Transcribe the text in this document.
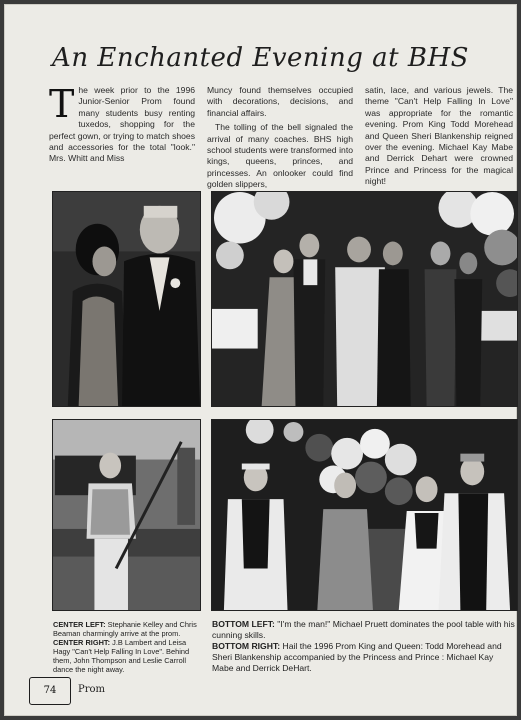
An Enchanted Evening at BHS

The week prior to the 1996 Junior-Senior Prom found many students busy renting tuxedos, shopping for the perfect gown, or trying to match shoes and accessories for the total "look." Mrs. Whitt and Miss

Muncy found themselves occupied with decorations, decisions, and financial affairs.

The tolling of the bell signaled the arrival of many coaches. BHS high school students were transformed into kings, queens, princes, and princesses. An onlooker could find golden slippers,

satin, lace, and various jewels. The theme "Can't Help Falling In Love" was appropriate for the romantic evening. Prom King Todd Morehead and Queen Sheri Blankenship reigned over the evening. Michael Kay Mabe and Derrick Dehart were crowned Prince and Princess for the magical night!

CENTER LEFT: Stephanie Kelley and Chris Beaman charmingly arrive at the prom.
CENTER RIGHT: J.B Lambert and Leisa Hagy "Can't Help Falling In Love". Behind them, John Thompson and Leslie Carroll dance the night away.
BOTTOM LEFT: "I'm the man!" Michael Pruett dominates the pool table with his cunning skills.
BOTTOM RIGHT: Hail the 1996 Prom King and Queen: Todd Morehead and Sheri Blankenship accompanied by the Princess and Prince : Michael Kay Mabe and Derrick DeHart.
74	Prom
